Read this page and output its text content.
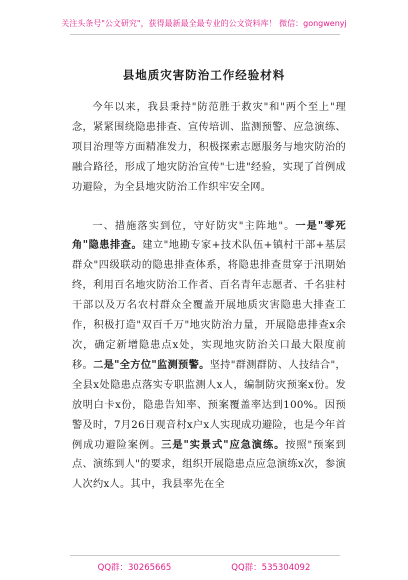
关注头条号"公文研究"，获得最新最全最专业的公文资料库！ 微信：gongwenyj
县地质灾害防治工作经验材料

今年以来，我县秉持"防范胜于救灾"和"两个至上"理念，紧紧围绕隐患排查、宣传培训、监测预警、应急演练、项目治理等方面精准发力，积极探索志愿服务与地灾防治的融合路径，形成了地灾防治宣传"七进"经验，实现了首例成功避险，为全县地灾防治工作织牢安全网。

一、措施落实到位，守好防灾"主阵地"。一是"零死角"隐患排查。建立"地勘专家+技术队伍+镇村干部+基层群众"四级联动的隐患排查体系，将隐患排查贯穿于汛期始终，利用百名地灾防治工作者、百名青年志愿者、千名驻村干部以及万名农村群众全覆盖开展地质灾害隐患大排查工作，积极打造"双百千万"地灾防治力量，开展隐患排查x余次，确定新增隐患点x处，实现地灾防治关口最大限度前移。二是"全方位"监测预警。坚持"群测群防、人技结合"，全县x处隐患点落实专职监测人x人，编制防灾预案x份。发放明白卡x份，隐患告知率、预案覆盖率达到100%。因预警及时，7月26日观音村x户x人实现成功避险，也是今年首例成功避险案例。三是"实景式"应急演练。按照"预案到点、演练到人"的要求，组织开展隐患点应急演练x次，参演人次约x人。其中，我县率先在全

QQ群：30265665	QQ群：535304092
